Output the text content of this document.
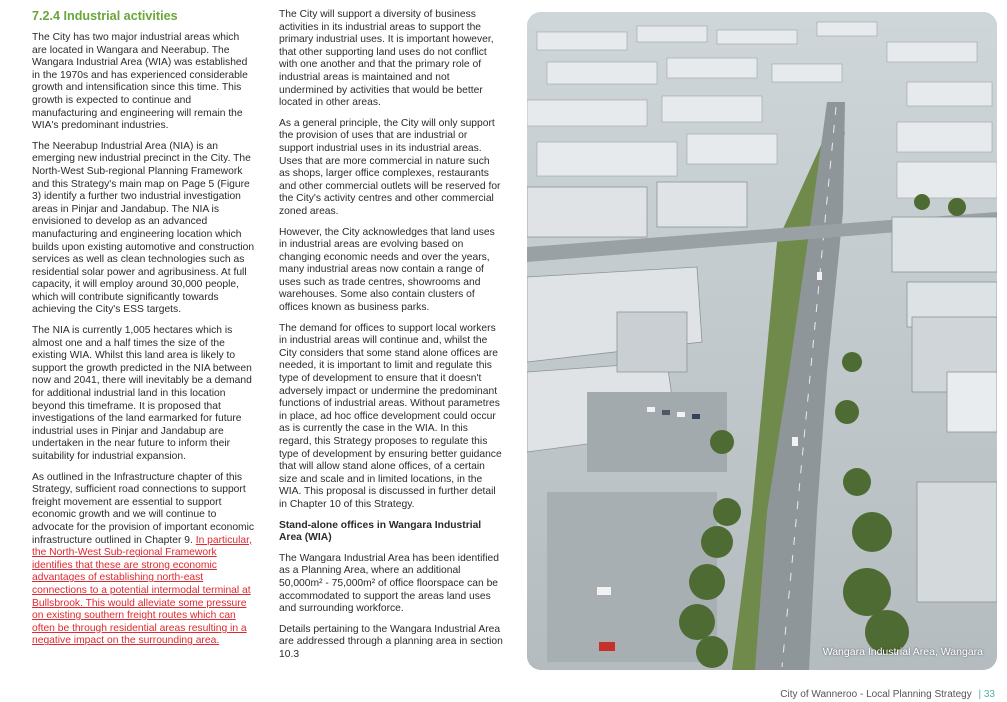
7.2.4 Industrial activities

The City has two major industrial areas which are located in Wangara and Neerabup. The Wangara Industrial Area (WIA) was established in the 1970s and has experienced considerable growth and intensification since this time. This growth is expected to continue and manufacturing and engineering will remain the WIA's predominant industries.

The Neerabup Industrial Area (NIA) is an emerging new industrial precinct in the City. The North-West Sub-regional Planning Framework and this Strategy's main map on Page 5 (Figure 3) identify a further two industrial investigation areas in Pinjar and Jandabup. The NIA is envisioned to develop as an advanced manufacturing and engineering location which builds upon existing automotive and construction services as well as clean technologies such as residential solar power and agribusiness. At full capacity, it will employ around 30,000 people, which will contribute significantly towards achieving the City's ESS targets.

The NIA is currently 1,005 hectares which is almost one and a half times the size of the existing WIA. Whilst this land area is likely to support the growth predicted in the NIA between now and 2041, there will inevitably be a demand for additional industrial land in this location beyond this timeframe. It is proposed that investigations of the land earmarked for future industrial uses in Pinjar and Jandabup are undertaken in the near future to inform their suitability for industrial expansion.

As outlined in the Infrastructure chapter of this Strategy, sufficient road connections to support freight movement are essential to support economic growth and we will continue to advocate for the provision of important economic infrastructure outlined in Chapter 9. In particular, the North-West Sub-regional Framework identifies that these are strong economic advantages of establishing north-east connections to a potential intermodal terminal at Bullsbrook. This would alleviate some pressure on existing southern freight routes which can often be through residential areas resulting in a negative impact on the surrounding area.

The City will support a diversity of business activities in its industrial areas to support the primary industrial uses. It is important however, that other supporting land uses do not conflict with one another and that the primary role of industrial areas is maintained and not undermined by activities that would be better located in other areas.

As a general principle, the City will only support the provision of uses that are industrial or support industrial uses in its industrial areas. Uses that are more commercial in nature such as shops, larger office complexes, restaurants and other commercial outlets will be reserved for the City's activity centres and other commercial zoned areas.

However, the City acknowledges that land uses in industrial areas are evolving based on changing economic needs and over the years, many industrial areas now contain a range of uses such as trade centres, showrooms and warehouses. Some also contain clusters of offices known as business parks.

The demand for offices to support local workers in industrial areas will continue and, whilst the City considers that some stand alone offices are needed, it is important to limit and regulate this type of development to ensure that it doesn't adversely impact or undermine the predominant functions of industrial areas. Without parametres in place, ad hoc office development could occur as is currently the case in the WIA. In this regard, this Strategy proposes to regulate this type of development by ensuring better guidance that will allow stand alone offices, of a certain size and scale and in limited locations, in the WIA. This proposal is discussed in further detail in Chapter 10 of this Strategy.

Stand-alone offices in Wangara Industrial Area (WIA)

The Wangara Industrial Area has been identified as a Planning Area, where an additional 50,000m² - 75,000m² of office floorspace can be accommodated to support the areas land uses and surrounding workforce.

Details pertaining to the Wangara Industrial Area are addressed through a planning area in section 10.3	Wangara Industrial Area, Wangara
City of Wanneroo - Local Planning Strategy | 33
